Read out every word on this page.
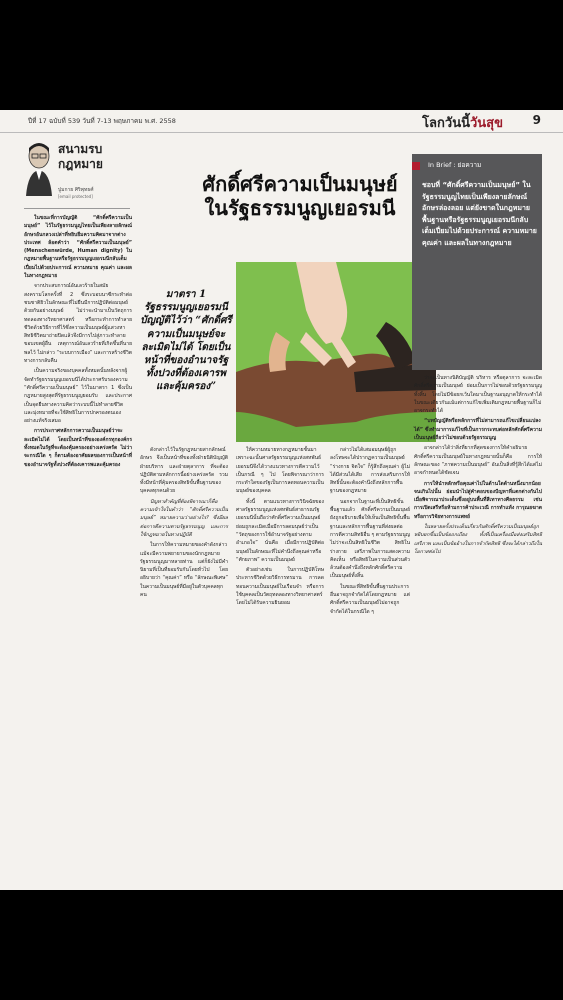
ปีที่ 17 ฉบับที่ 539 วันที่ 7-13 พฤษภาคม พ.ศ. 2558	โลกวันนี้วันสุข 9
สนามรบ
กฎหมาย
ปูมกาย ศิริพุทธศ์
[email protected]
ศักดิ์ศรีความเป็นมนุษย์
ในรัฐธรรมนูญเยอรมนี
มาตรา 1 รัฐธรรมนูญเยอรมนีบัญญัติไว้ว่า “ศักดิ์ศรีความเป็นมนุษย์จะละเมิดไม่ได้ โดยเป็นหน้าที่ของอำนาจรัฐทั้งปวงที่ต้องเคารพและคุ้มครอง”
In Brief : ย่อความ
ชอบที่ “ศักดิ์ศรีความเป็นมนุษย์” ในรัฐธรรมนูญไทยเป็นเพียงลายลักษณ์อักษรล่องลอย แต่ยังขาดในกฎหมายพื้นฐานหรือรัฐธรรมนูญเยอรมนีกลับเต็มเปี่ยมไปด้วยประการณ์ ความหมาย คุณค่า และผลในทางกฎหมาย

ในขณะที่การบัญญัติ “ศักดิ์ศรีความเป็นมนุษย์” ไว้ในรัฐธรรมนูญไทยเป็นเพียงลายลักษณ์อักษรอันกลวงเปล่าที่หยิบยืมความคิดมาจากต่างประเทศ ล้อตคำว่า “ศักดิ์ศรีความเป็นมนุษย์” (Menschenwürde, Human dignity) ในกฎหมายพื้นฐานหรือรัฐธรรมนูญเยอรมนีกลับเต็มเปี่ยมไปด้วยประการณ์ ความหมาย คุณค่า และผลในทางกฎหมาย

จากประสบการณ์อันเลวร้ายในสมัยสงครามโลกครั้งที่ 2 ซึ่งระบอบนาซีกระทำต่อชนชาติยิวในลักษณะที่ไม่ยืนมีการปฏิบัติต่อมนุษย์ด้วยกันอย่างมนุษย์ ไม่ว่าจะนำมาเป็นวัตถุการทดลองทางวิทยาศาสตร์ หรือกระทำการทำลายชีวิตด้วยวิธีการที่ไร้ซึ่งความเป็นมนุษย์ผู้แสวงหาสิทธิชีวิตมาถ่ายปิดแล้วจึงมีการไปสู่ภาวะทำลายขอบเขตผู้อื่น เหตุการณ์อันเลวร้ายที่เกิดขึ้นที่นายพลไว้ ไม่กล่าว “ระบบการเมือง” และการสร้างชีวิตทางการกลับคืน

เป็นความจริงของบุคคลทั้งหมดนั้นหลังจากผู้จัดทำรัฐธรรมนูญเยอรมนีได้ประกาศรับรองความ “ศักดิ์ศรีความเป็นมนุษย์” ไว้ในมาตรา 1 ซึ่งเป็นกฎหมายสูงสุดที่รัฐธรรมนูญยอมรับ และประกาศเป็นจุดยืนทางความคิดว่าระบบนี้ไม่ทำลายชีวิต และมุ่งหมายที่จะใช้สิทธิในการปกครองตนเองอย่างแท้จริงเสมอ

การประกาศหลักการความเป็นมนุษย์ว่าจะละเมิดไม่ได้ โดยเป็นหน้าที่ขององค์กรทุกองค์กรทั้งหมดในรัฐที่จะต้องคุ้มครองอย่างเคร่งครัด ไม่ว่าจะกรณีใด ๆ ก็ตามต้องอาศัยผลของการเป็นหน้าที่ของอำนาจรัฐทั้งปวงที่ต้องเคารพและคุ้มครอง

ดังกล่าวไว้ในรัฐกฎหมายสากลักษณ์อักษร จึงเป็นหน้าที่ของทั้งฝ่ายนิติบัญญัติ ฝ่ายบริหาร และฝ่ายตุลาการ ที่จะต้องปฏิบัติตามหลักการนี้อย่างเคร่งครัด รวมทั้งมีหน้าที่คุ้มครองสิทธิขั้นพื้นฐานของบุคคลทุกคนด้วย

ปัญหาสำคัญที่ต้องพิจารณาก็คือ ความเข้าใจในคำว่า “ศักดิ์ศรีความเป็นมนุษย์” หมายความว่าอย่างไร? ซึ่งมีผลต่อการตีความตามรัฐธรรมนูญ และการใช้กฎหมายในทางปฏิบัติ

ในการให้ความหมายของคำดังกล่าว แม้จะมีความพยายามของนักกฎหมายรัฐธรรมนูญมาหลายท่าน แต่ก็ยังไม่มีคำนิยามที่เป็นที่ยอมรับกันโดยทั่วไป โดยอธิบายว่า “คุณค่า” หรือ “ลักษณะพิเศษ” ในความเป็นมนุษย์ที่มีอยู่ในตัวบุคคลทุกคน

ให้ความหมายทางกฎหมายชั้นมา เพราะฉะนั้นศาลรัฐธรรมนูญแห่งสหพันธ์เยอรมนีจึงได้วางแนวทางการตีความไว้เป็นกรณี ๆ ไป โดยพิจารณาว่าการกระทำใดของรัฐเป็นการลดทอนความเป็นมนุษย์ของบุคคล

ทั้งนี้ ตามแนวทางการวินิจฉัยของศาลรัฐธรรมนูญแห่งสหพันธ์สาธารณรัฐเยอรมนีนั้นถือว่าศักดิ์ศรีความเป็นมนุษย์ย่อมถูกละเมิดเมื่อมีการลดมนุษย์ว่าเป็น “วัตถุของการใช้อำนาจรัฐอย่างตามอำเภอใจ” นั่นคือ เมื่อมีการปฏิบัติต่อมนุษย์ในลักษณะที่ไม่คำนึงถึงคุณค่าหรือ “ศักยภาพ” ความเป็นมนุษย์

ตัวอย่างเช่น ในการปฏิบัติโทษประหารชีวิตด้วยวิธีการทรมาน การลดทอนความเป็นมนุษย์ในเรือนจำ หรือการใช้บุคคลเป็นวัตถุทดลองทางวิทยาศาสตร์โดยไม่ได้รับความยินยอม

กล่าวไม่ได้เสมอมนุษย์ผู้ถูกลงโทษจะได้ปรากฏความเป็นมนุษย์ “ร่างกาย จิตใจ” ก็รู้สึกถึงคุณค่า ผู้ไม่ได้มีส่วนได้เสีย การส่งเสริมการให้สิทธิ์นั้นจะต้องคำนึงถึงหลักการพื้นฐานของกฎหมาย

นอกจากในฐานะที่เป็นสิทธิขั้นพื้นฐานแล้ว ศักดิ์ศรีความเป็นมนุษย์ยังถูกอธิบายเพื่อให้เห็นเป็นสิทธิขั้นพื้นฐานและหลักการพื้นฐานที่ส่งผลต่อการตีความสิทธิอื่น ๆ ตามรัฐธรรมนูญ ไม่ว่าจะเป็นสิทธิในชีวิต สิทธิในร่างกาย เสรีภาพในการแสดงความคิดเห็น หรือสิทธิในความเป็นส่วนตัว ล้วนต้องคำนึงถึงหลักศักดิ์ศรีความเป็นมนุษย์ทั้งสิ้น

ในขณะที่สิทธิขั้นพื้นฐานประการอื่นอาจถูกจำกัดได้โดยกฎหมาย แต่ศักดิ์ศรีความเป็นมนุษย์ไม่อาจถูกจำกัดได้ในกรณีใด ๆ

ว่าจะเป็นทางนิติบัญญัติ บริหาร หรือตุลาการ จะละเมิดศักดิ์ศรีความเป็นมนุษย์ ย่อมเป็นการไม่ชอบด้วยรัฐธรรมนูญทั้งสิ้น โดยไม่มีข้อยกเว้นใดมาเป็นฐานอนุญาตให้กระทำได้ ในขณะเดียวกันแม้แต่การแก้ไขเพิ่มเติมกฎหมายพื้นฐานก็ไม่อาจกระทำได้

“บทบัญญัติหรือหลักการที่ไม่สามารถแก้ไขเปลี่ยนแปลงได้” ซึ่งทำมาการแก้ไขที่เป็นการกระทบต่อหลักศักดิ์ศรีความเป็นมนุษย์ถือว่าไม่ชอบด้วยรัฐธรรมนูญ

อาจกล่าวได้ว่าสิ่งที่ยากที่สุดของการให้คำอธิบายศักดิ์ศรีความเป็นมนุษย์ในทางกฎหมายนั้นก็คือ การให้ลักษณะของ “ภาพความเป็นมนุษย์” อันเป็นสิ่งที่รู้สึกได้แต่ไม่อาจกำหนดได้ชัดเจน

การให้นำหลักหรือคุณค่าไปในด้านใดด้านหนึ่งมากน้อยจนเกินไปนั้น ย่อมนำไปสู่คำตอบของปัญหาที่แตกต่างกันไปเมื่อพิจารณาประเด็นซึ่งอยู่บนพื้นที่สีเทาทางศีลธรรม เช่น การเปิดเสรีหรือห้ามการค้าประเวณี การทำแท้ง การุณยฆาต หรือการวิจัยทางการแพทย์

ในหลายครั้งประเด็นเกี่ยวกับศักดิ์ศรีความเป็นมนุษย์ถูกหยิบยกขึ้นเป็นข้อถกเถียง ทั้งที่เป็นเครื่องมือส่งเสริมสิทธิเสรีภาพ และเป็นข้ออ้างในการจำกัดสิทธิ ซึ่งจะได้กล่าวถึงในโอกาสต่อไป
